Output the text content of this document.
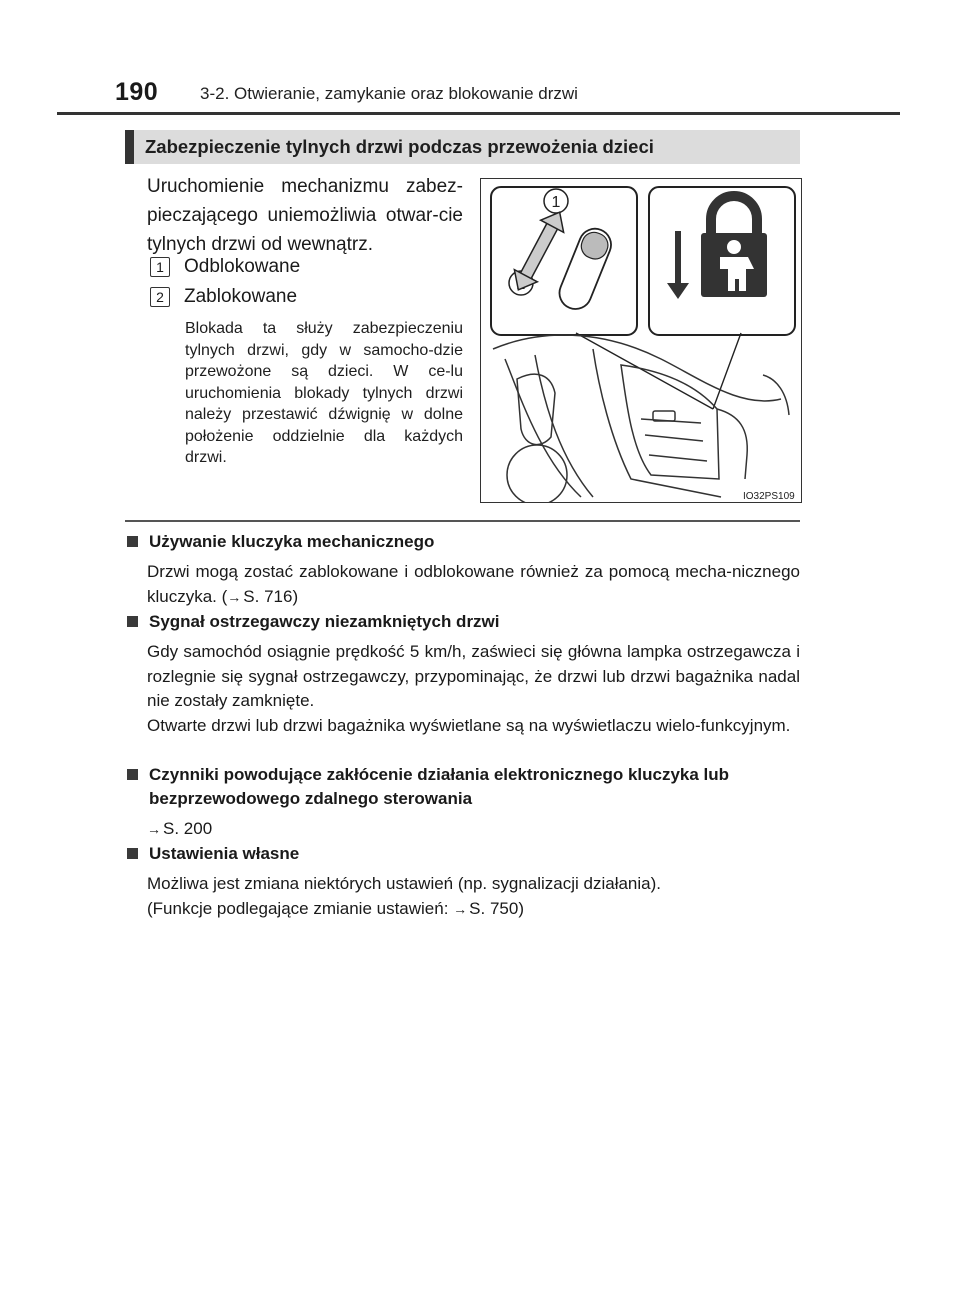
190 3-2. Otwieranie, zamykanie oraz blokowanie drzwi
Zabezpieczenie tylnych drzwi podczas przewożenia dzieci
Uruchomienie mechanizmu zabez-pieczającego uniemożliwia otwar-cie tylnych drzwi od wewnątrz.
1	Odblokowane
2	Zablokowane
Blokada ta służy zabezpieczeniu tylnych drzwi, gdy w samocho-dzie przewożone są dzieci. W ce-lu uruchomienia blokady tylnych drzwi należy przestawić dźwignię w dolne położenie oddzielnie dla każdych drzwi.
1
IO32PS109
Używanie kluczyka mechanicznego

Drzwi mogą zostać zablokowane i odblokowane również za pomocą mecha-nicznego kluczyka. (→ S. 716)

Sygnał ostrzegawczy niezamkniętych drzwi

Gdy samochód osiągnie prędkość 5 km/h, zaświeci się główna lampka ostrzegawcza i rozlegnie się sygnał ostrzegawczy, przypominając, że drzwi lub drzwi bagażnika nadal nie zostały zamknięte.

Otwarte drzwi lub drzwi bagażnika wyświetlane są na wyświetlaczu wielo-funkcyjnym.

Czynniki powodujące zakłócenie działania elektronicznego kluczyka lub bezprzewodowego zdalnego sterowania

→ S. 200

Ustawienia własne

Możliwa jest zmiana niektórych ustawień (np. sygnalizacji działania).

(Funkcje podlegające zmianie ustawień: → S. 750)
